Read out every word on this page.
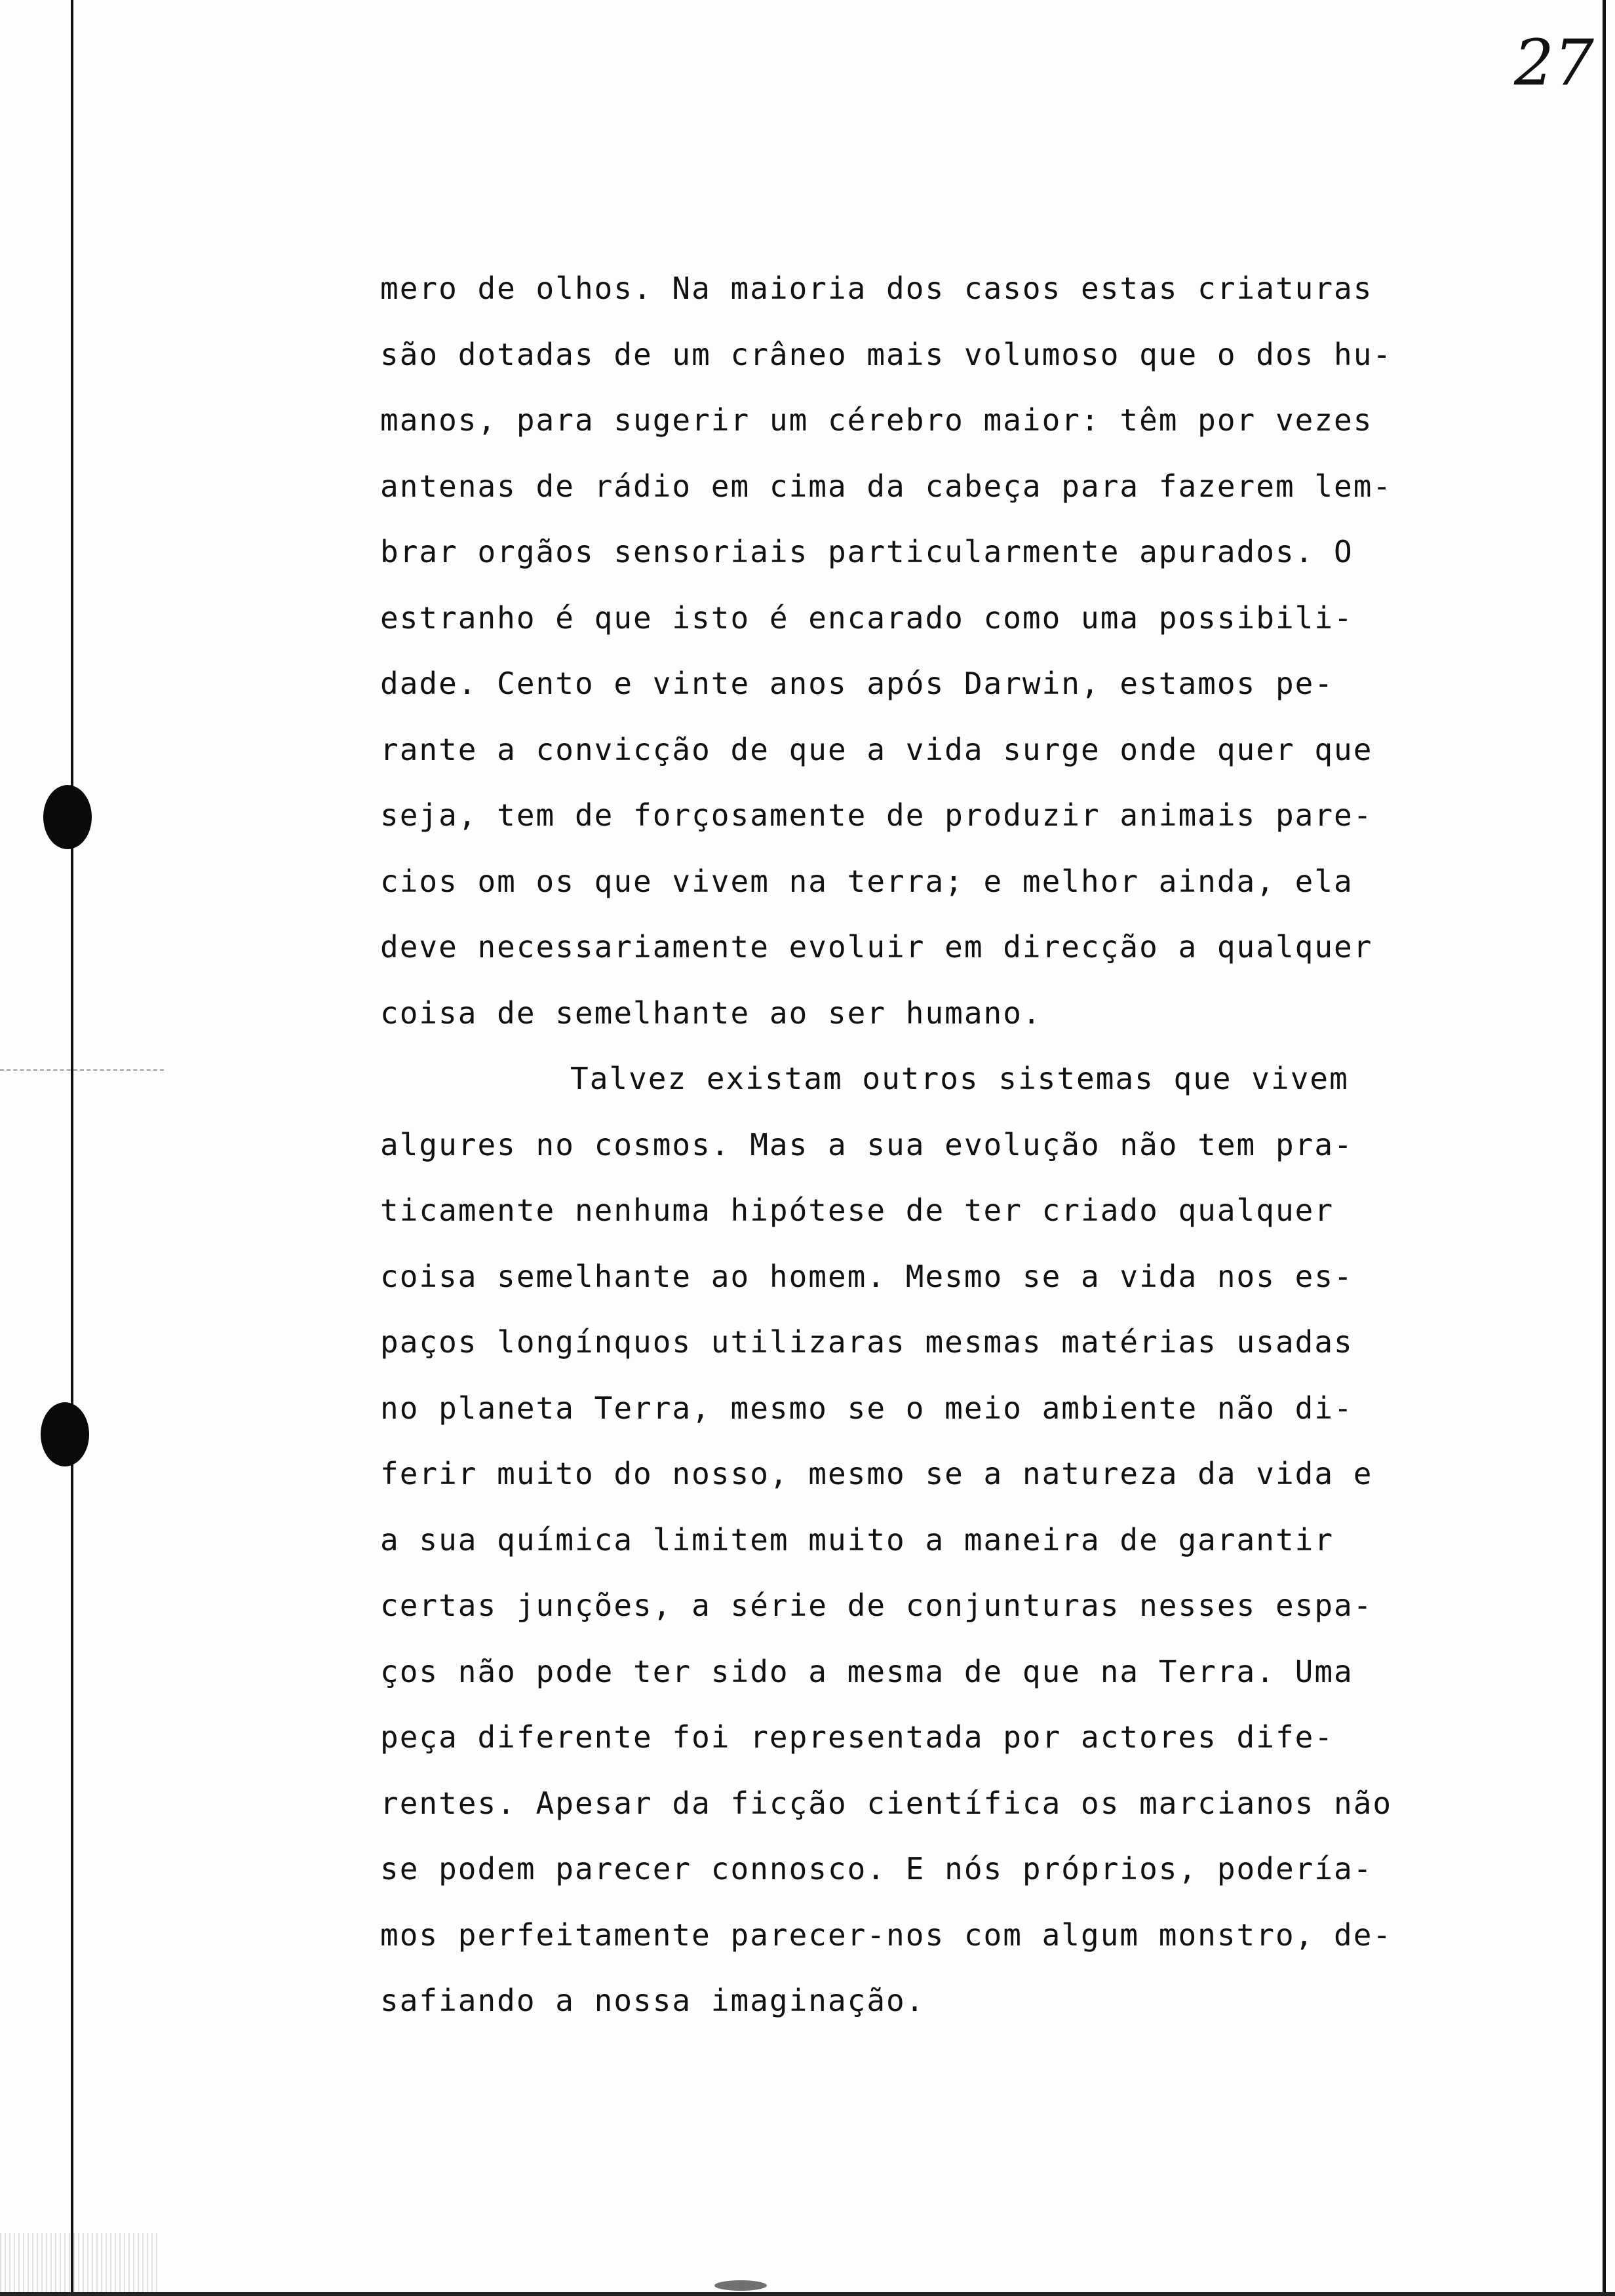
27
mero de olhos. Na maioria dos casos estas criaturas
são dotadas de um crâneo mais volumoso que o dos hu-
manos, para sugerir um cérebro maior: têm por vezes
antenas de rádio em cima da cabeça para fazerem lem-
brar orgãos sensoriais particularmente apurados. O
estranho é que isto é encarado como uma possibili-
dade. Cento e vinte anos após Darwin, estamos pe-
rante a convicção de que a vida surge onde quer que
seja, tem de forçosamente de produzir animais pare-
cios om os que vivem na terra; e melhor ainda, ela
deve necessariamente evoluir em direcção a qualquer
coisa de semelhante ao ser humano.
Talvez existam outros sistemas que vivem
algures no cosmos. Mas a sua evolução não tem pra-
ticamente nenhuma hipótese de ter criado qualquer
coisa semelhante ao homem. Mesmo se a vida nos es-
paços longínquos utilizaras mesmas matérias usadas
no planeta Terra, mesmo se o meio ambiente não di-
ferir muito do nosso, mesmo se a natureza da vida e
a sua química limitem muito a maneira de garantir
certas junções, a série de conjunturas nesses espa-
ços não pode ter sido a mesma de que na Terra. Uma
peça diferente foi representada por actores dife-
rentes. Apesar da ficção científica os marcianos não
se podem parecer connosco. E nós próprios, podería-
mos perfeitamente parecer-nos com algum monstro, de-
safiando a nossa imaginação.
